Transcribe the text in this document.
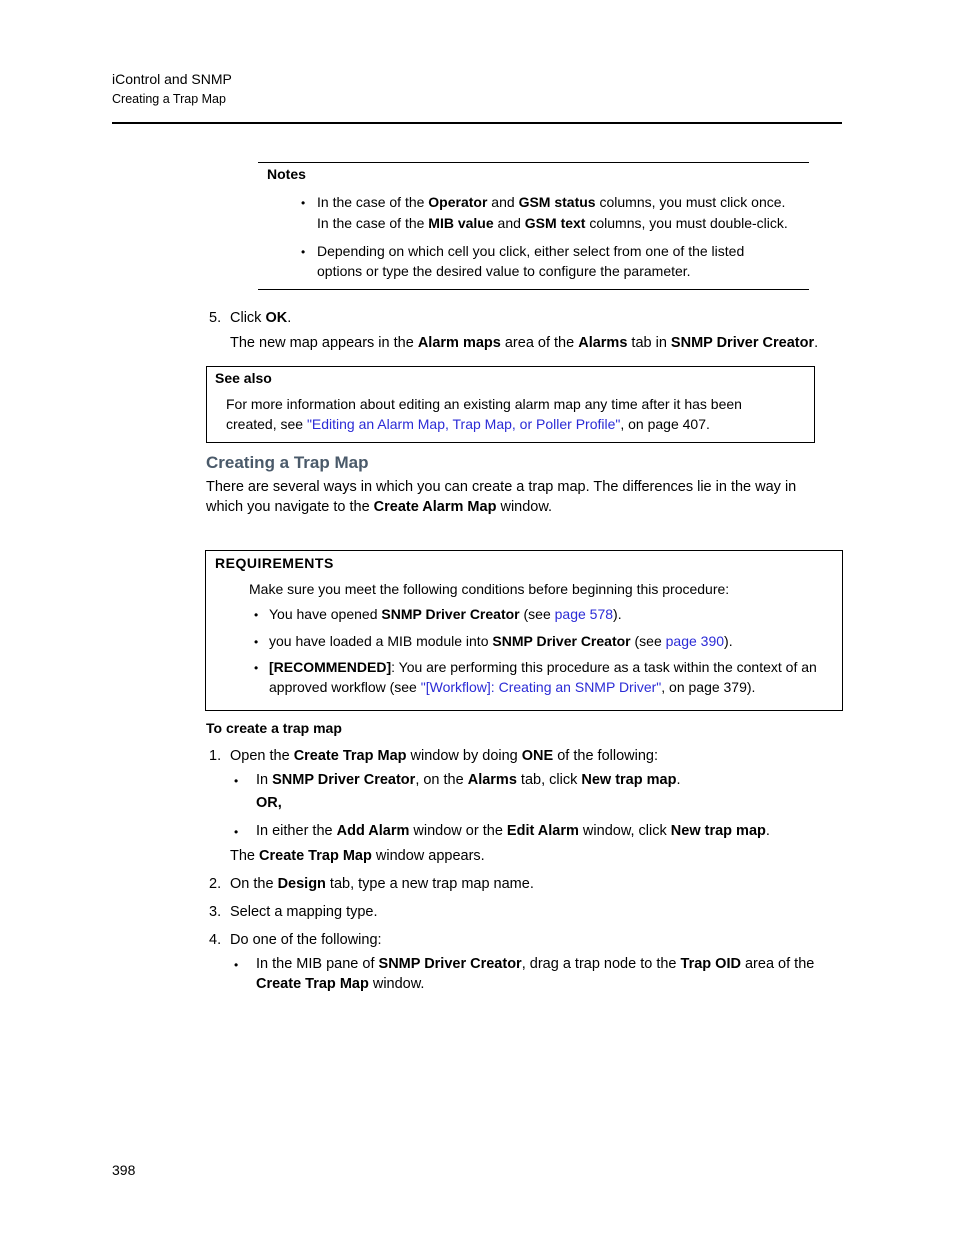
iControl and SNMP
Creating a Trap Map
Notes
• In the case of the Operator and GSM status columns, you must click once.
In the case of the MIB value and GSM text columns, you must double-click.
• Depending on which cell you click, either select from one of the listed
options or type the desired value to configure the parameter.
5. Click OK.
The new map appears in the Alarm maps area of the Alarms tab in SNMP Driver Creator.
See also
For more information about editing an existing alarm map any time after it has been
created, see "Editing an Alarm Map, Trap Map, or Poller Profile", on page 407.
Creating a Trap Map
There are several ways in which you can create a trap map. The differences lie in the way in
which you navigate to the Create Alarm Map window.
REQUIREMENTS
Make sure you meet the following conditions before beginning this procedure:
• You have opened SNMP Driver Creator (see page 578).
• you have loaded a MIB module into SNMP Driver Creator (see page 390).
• [RECOMMENDED]: You are performing this procedure as a task within the context of an
approved workflow (see "[Workflow]: Creating an SNMP Driver", on page 379).
To create a trap map
1. Open the Create Trap Map window by doing ONE of the following:
• In SNMP Driver Creator, on the Alarms tab, click New trap map.
OR,
• In either the Add Alarm window or the Edit Alarm window, click New trap map.
The Create Trap Map window appears.
2. On the Design tab, type a new trap map name.
3. Select a mapping type.
4. Do one of the following:
• In the MIB pane of SNMP Driver Creator, drag a trap node to the Trap OID area of the
Create Trap Map window.
398
